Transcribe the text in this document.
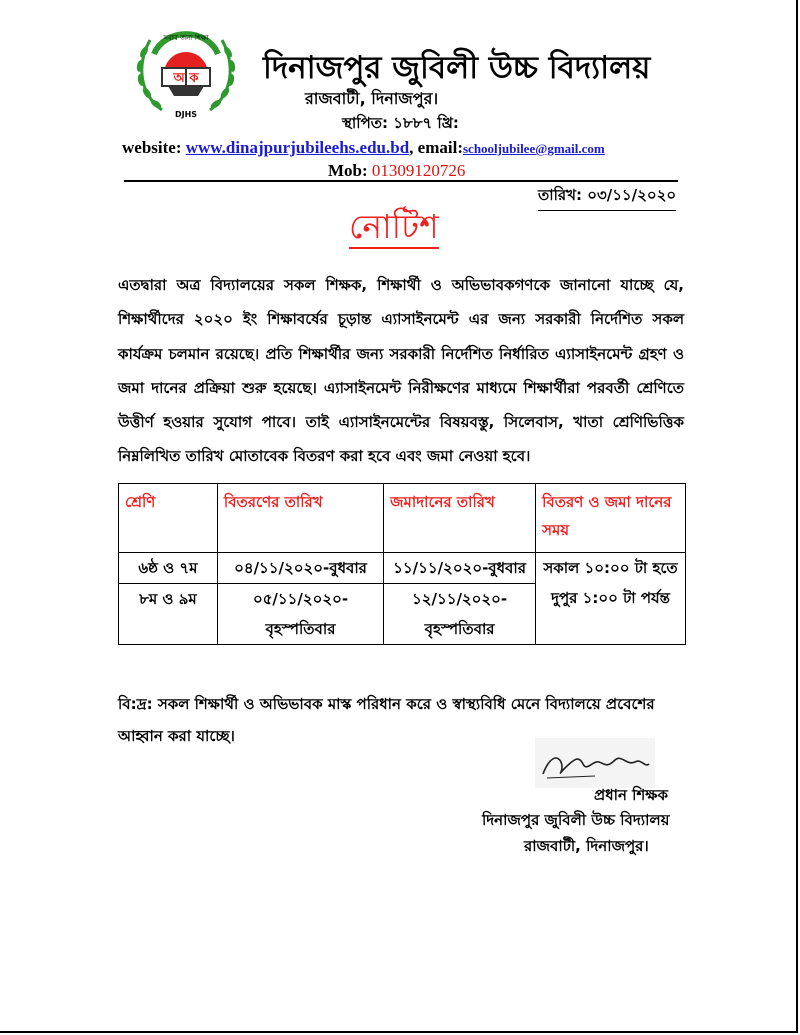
সবার জন্য শিক্ষা
অ ক
DJHS
দিনাজপুর জুবিলী উচ্চ বিদ্যালয়
রাজবাটী, দিনাজপুর।
স্থাপিত: ১৮৮৭ খ্রি:
website: www.dinajpurjubileehs.edu.bd, email:schooljubilee@gmail.com
Mob: 01309120726
তারিখ: ০৩/১১/২০২০
নোটিশ
এতদ্বারা অত্র বিদ্যালয়ের সকল শিক্ষক, শিক্ষার্থী ও অভিভাবকগণকে জানানো যাচ্ছে যে, শিক্ষার্থীদের ২০২০ ইং শিক্ষাবর্ষের চূড়ান্ত এ্যাসাইনমেন্ট এর জন্য সরকারী নির্দেশিত সকল কার্যক্রম চলমান রয়েছে। প্রতি শিক্ষার্থীর জন্য সরকারী নির্দেশিত নির্ধারিত এ্যাসাইনমেন্ট গ্রহণ ও জমা দানের প্রক্রিয়া শুরু হয়েছে। এ্যাসাইনমেন্ট নিরীক্ষণের মাধ্যমে শিক্ষার্থীরা পরবর্তী শ্রেণিতে উত্তীর্ণ হওয়ার সুযোগ পাবে। তাই এ্যাসাইনমেন্টের বিষয়বস্তু, সিলেবাস, খাতা শ্রেণিভিত্তিক নিম্নলিখিত তারিখ মোতাবেক বিতরণ করা হবে এবং জমা নেওয়া হবে।
শ্রেণি	বিতরণের তারিখ	জমাদানের তারিখ	বিতরণ ও জমা দানের সময়
৬ষ্ঠ ও ৭ম	০৪/১১/২০২০-বুধবার	১১/১১/২০২০-বুধবার	সকাল ১০:০০ টা হতে দুপুর ১:০০ টা পর্যন্ত
৮ম ও ৯ম	০৫/১১/২০২০-বৃহস্পতিবার	১২/১১/২০২০-বৃহস্পতিবার	
বি:দ্র: সকল শিক্ষার্থী ও অভিভাবক মাস্ক পরিধান করে ও স্বাস্থ্যবিধি মেনে বিদ্যালয়ে প্রবেশের আহ্বান করা যাচ্ছে।
প্রধান শিক্ষক
দিনাজপুর জুবিলী উচ্চ বিদ্যালয়
রাজবাটী, দিনাজপুর।
